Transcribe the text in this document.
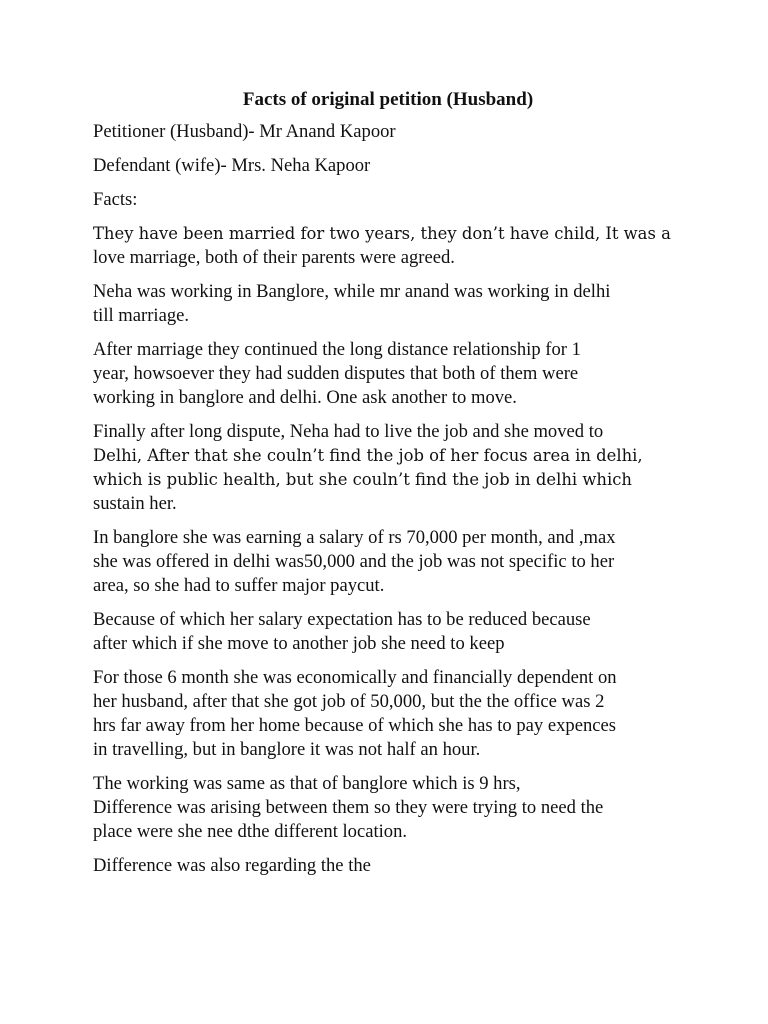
Facts of original petition (Husband)
Petitioner (Husband)- Mr Anand Kapoor
Defendant (wife)- Mrs. Neha Kapoor
Facts:
They have been married for two years, they don’t have child, It was a
love marriage, both of their parents were agreed.
Neha was working in Banglore, while mr anand was working in delhi
till marriage.
After marriage they continued the long distance relationship for 1
year, howsoever they had sudden disputes that both of them were
working in banglore and delhi. One ask another to move.
Finally after long dispute, Neha had to live the job and she moved to
Delhi, After that she couln’t find the job of her focus area in delhi,
which is public health, but she couln’t find the job in delhi which
sustain her.
In banglore she was earning a salary of rs 70,000 per month, and ,max
she was offered in delhi was50,000 and the job was not specific to her
area, so she had to suffer major paycut.
Because of which her salary expectation has to be reduced because
after which if she move to another job she need to keep
For those 6 month she was economically and financially dependent on
her husband, after that she got job of 50,000, but the the office was 2
hrs far away from her home because of which she has to pay expences
in travelling, but in banglore it was not half an hour.
The working was same as that of banglore which is 9 hrs,
Difference was arising between them so they were trying to need the
place were she nee dthe different location.
Difference was also regarding the the
